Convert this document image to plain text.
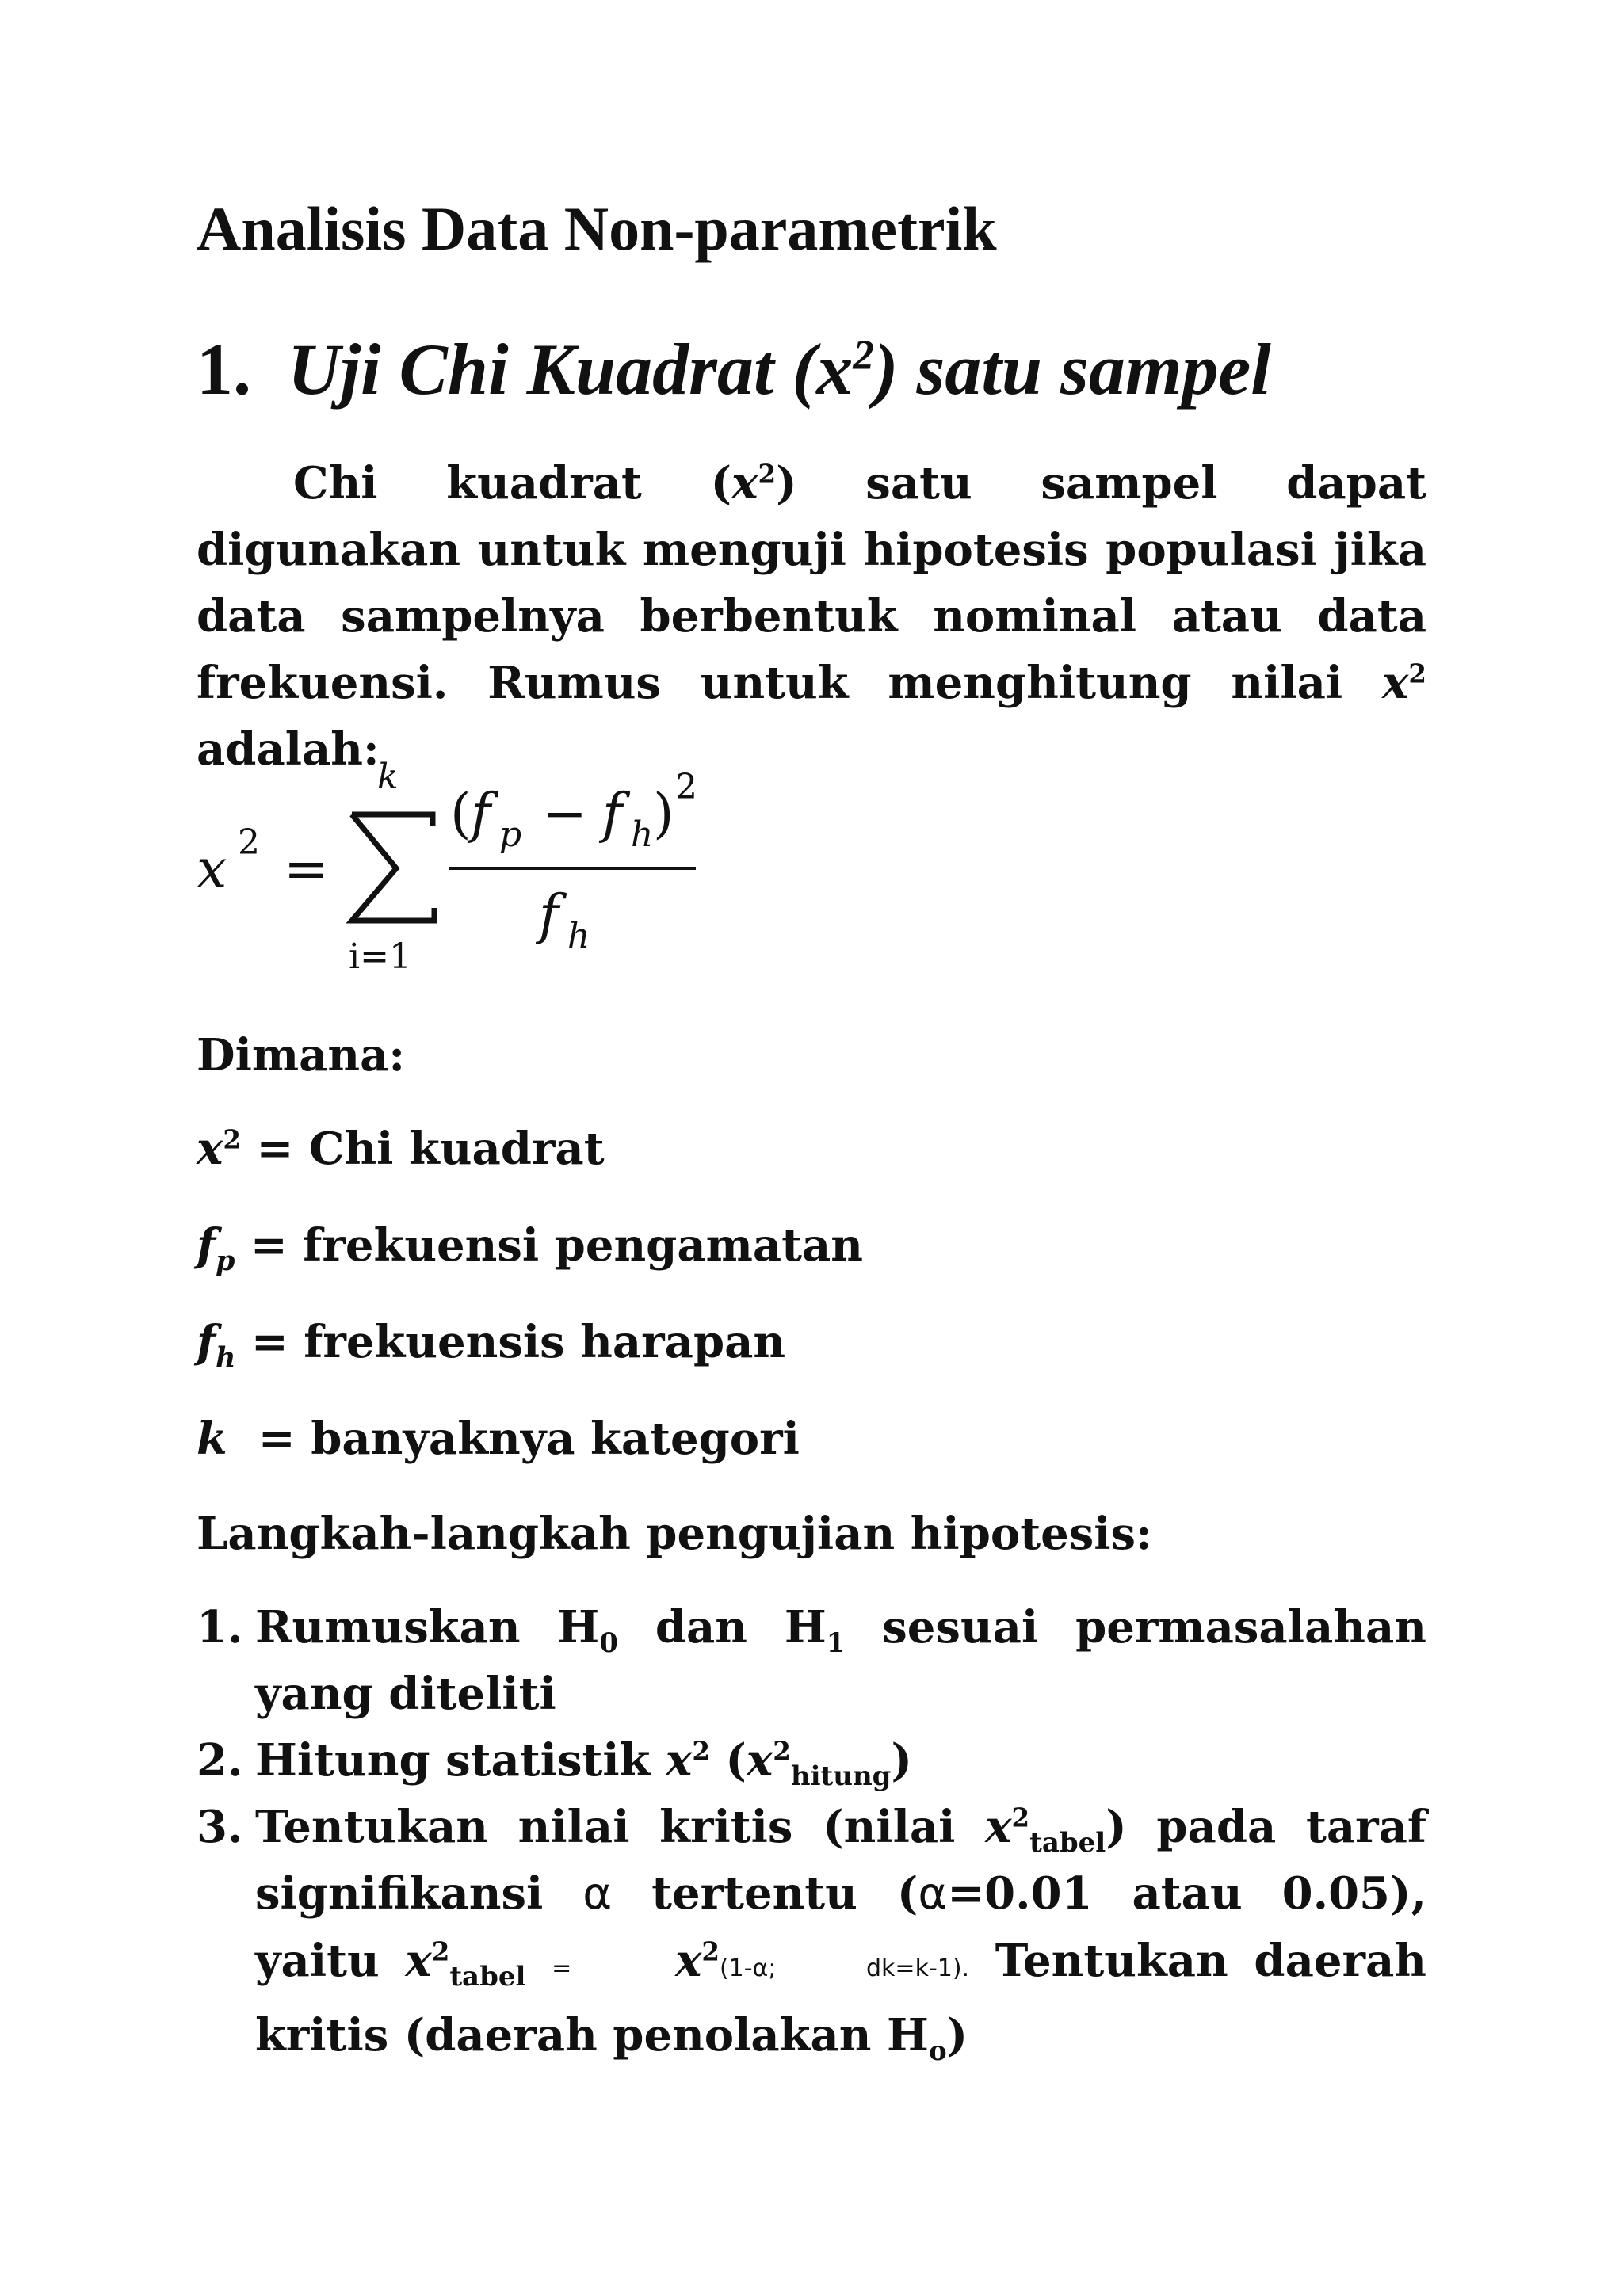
Analisis Data Non-parametrik
1. Uji Chi Kuadrat $(x^2)$ satu sampel

Chi kuadrat $(x^2)$ satu sampel dapat digunakan untuk menguji hipotesis populasi jika data sampelnya berbentuk nominal atau data frekuensi. Rumus untuk menghitung nilai $x^2$ adalah:

x 2 =
k
i=1
( f p − f h ) 2
f h

Dimana:

$x^2$ = Chi kuadrat

$f_p$ = frekuensi pengamatan

$f_h$ = frekuensis harapan

k  = banyaknya kategori

Langkah-langkah pengujian hipotesis:

1. Rumuskan $H_0$ dan $H_1$ sesuai permasalahan yang diteliti
2. Hitung statistik $x^2$ $(x^2_{hitung})$
3. Tentukan nilai kritis (nilai $x^2_{tabel}$) pada taraf signifikansi α tertentu (α=0.01 atau 0.05), yaitu $x^2_{tabel} = x^2(1-\alpha$;     dk=k-1). Tentukan daerah kritis (daerah penolakan $H_o$)
